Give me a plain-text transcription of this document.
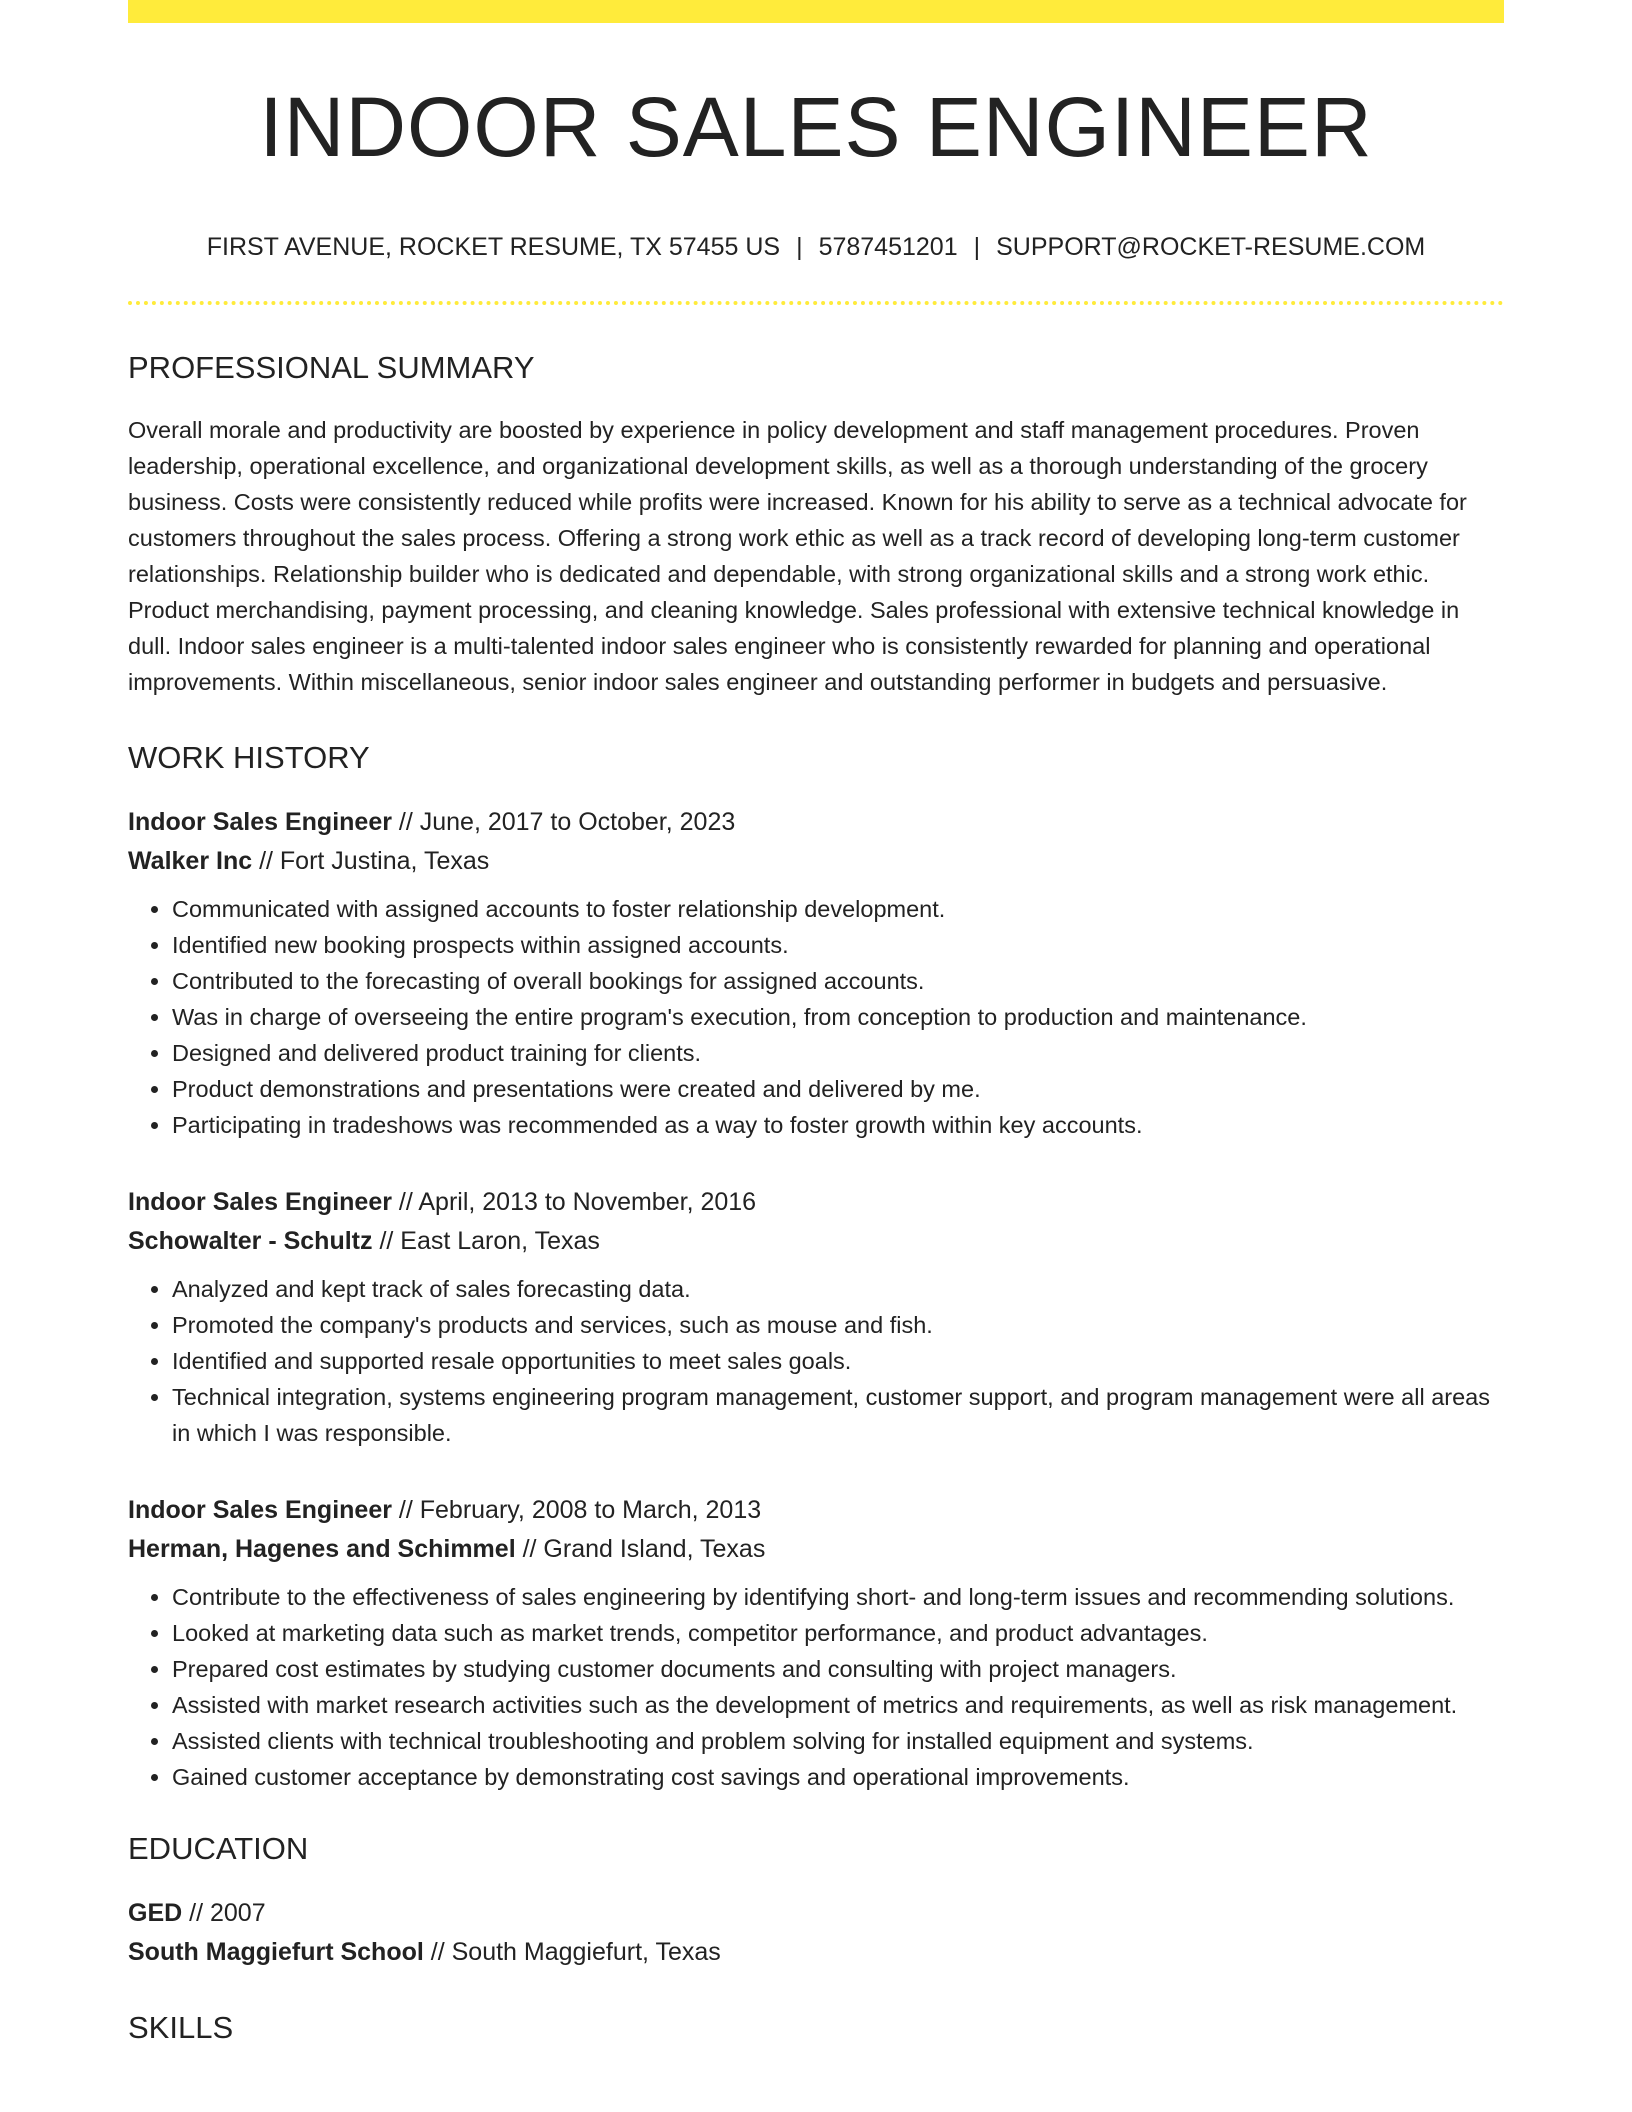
INDOOR SALES ENGINEER
FIRST AVENUE, ROCKET RESUME, TX 57455 US | 5787451201 | SUPPORT@ROCKET-RESUME.COM
PROFESSIONAL SUMMARY

Overall morale and productivity are boosted by experience in policy development and staff management procedures. Proven leadership, operational excellence, and organizational development skills, as well as a thorough understanding of the grocery business. Costs were consistently reduced while profits were increased. Known for his ability to serve as a technical advocate for customers throughout the sales process. Offering a strong work ethic as well as a track record of developing long-term customer relationships. Relationship builder who is dedicated and dependable, with strong organizational skills and a strong work ethic. Product merchandising, payment processing, and cleaning knowledge. Sales professional with extensive technical knowledge in dull. Indoor sales engineer is a multi-talented indoor sales engineer who is consistently rewarded for planning and operational improvements. Within miscellaneous, senior indoor sales engineer and outstanding performer in budgets and persuasive.

WORK HISTORY
Indoor Sales Engineer // June, 2017 to October, 2023
Walker Inc // Fort Justina, Texas
• Communicated with assigned accounts to foster relationship development.
• Identified new booking prospects within assigned accounts.
• Contributed to the forecasting of overall bookings for assigned accounts.
• Was in charge of overseeing the entire program's execution, from conception to production and maintenance.
• Designed and delivered product training for clients.
• Product demonstrations and presentations were created and delivered by me.
• Participating in tradeshows was recommended as a way to foster growth within key accounts.
Indoor Sales Engineer // April, 2013 to November, 2016
Schowalter - Schultz // East Laron, Texas
• Analyzed and kept track of sales forecasting data.
• Promoted the company's products and services, such as mouse and fish.
• Identified and supported resale opportunities to meet sales goals.
• Technical integration, systems engineering program management, customer support, and program management were all areas in which I was responsible.
Indoor Sales Engineer // February, 2008 to March, 2013
Herman, Hagenes and Schimmel // Grand Island, Texas
• Contribute to the effectiveness of sales engineering by identifying short- and long-term issues and recommending solutions.
• Looked at marketing data such as market trends, competitor performance, and product advantages.
• Prepared cost estimates by studying customer documents and consulting with project managers.
• Assisted with market research activities such as the development of metrics and requirements, as well as risk management.
• Assisted clients with technical troubleshooting and problem solving for installed equipment and systems.
• Gained customer acceptance by demonstrating cost savings and operational improvements.
EDUCATION
GED // 2007
South Maggiefurt School // South Maggiefurt, Texas
SKILLS
